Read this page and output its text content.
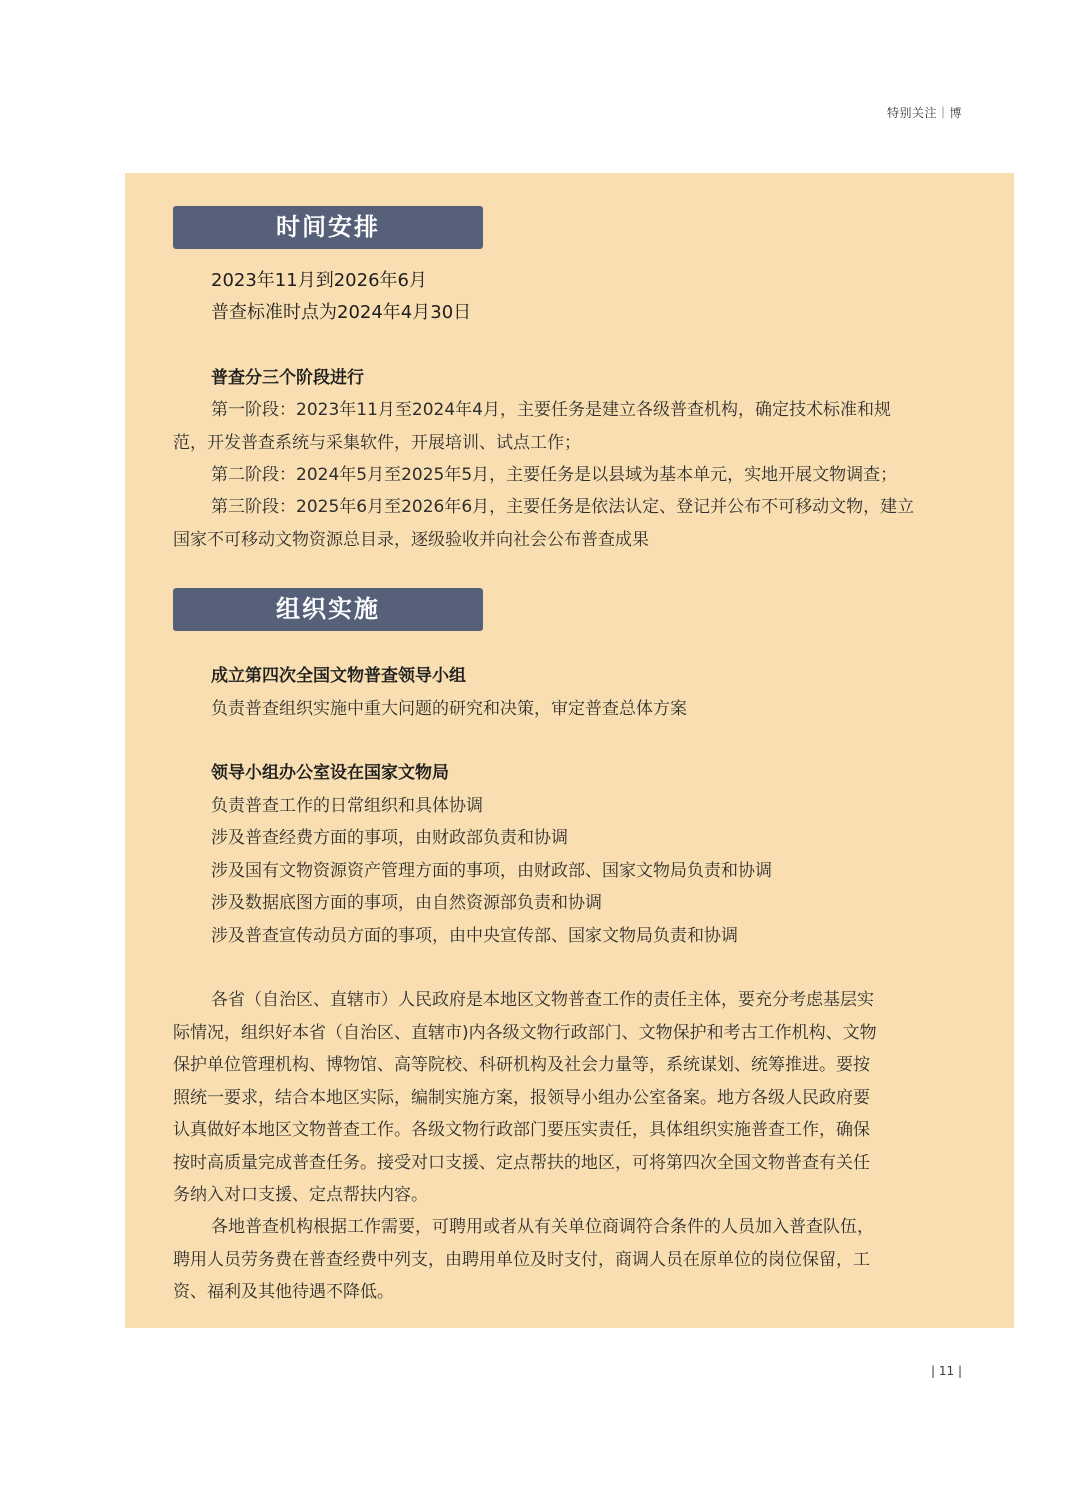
特别关注｜博
时间安排
2023年11月到2026年6月
普查标准时点为2024年4月30日
普查分三个阶段进行
第一阶段：2023年11月至2024年4月，主要任务是建立各级普查机构，确定技术标准和规
范，开发普查系统与采集软件，开展培训、试点工作；
第二阶段：2024年5月至2025年5月，主要任务是以县域为基本单元，实地开展文物调查；
第三阶段：2025年6月至2026年6月，主要任务是依法认定、登记并公布不可移动文物，建立
国家不可移动文物资源总目录，逐级验收并向社会公布普查成果
组织实施
成立第四次全国文物普查领导小组
负责普查组织实施中重大问题的研究和决策，审定普查总体方案
领导小组办公室设在国家文物局
负责普查工作的日常组织和具体协调
涉及普查经费方面的事项，由财政部负责和协调
涉及国有文物资源资产管理方面的事项，由财政部、国家文物局负责和协调
涉及数据底图方面的事项，由自然资源部负责和协调
涉及普查宣传动员方面的事项，由中央宣传部、国家文物局负责和协调
各省（自治区、直辖市）人民政府是本地区文物普查工作的责任主体，要充分考虑基层实
际情况，组织好本省（自治区、直辖市)内各级文物行政部门、文物保护和考古工作机构、文物
保护单位管理机构、博物馆、高等院校、科研机构及社会力量等，系统谋划、统筹推进。要按
照统一要求，结合本地区实际，编制实施方案，报领导小组办公室备案。地方各级人民政府要
认真做好本地区文物普查工作。各级文物行政部门要压实责任，具体组织实施普查工作，确保
按时高质量完成普查任务。接受对口支援、定点帮扶的地区，可将第四次全国文物普查有关任
务纳入对口支援、定点帮扶内容。
各地普查机构根据工作需要，可聘用或者从有关单位商调符合条件的人员加入普查队伍，
聘用人员劳务费在普查经费中列支，由聘用单位及时支付，商调人员在原单位的岗位保留，工
资、福利及其他待遇不降低。
| 11 |
